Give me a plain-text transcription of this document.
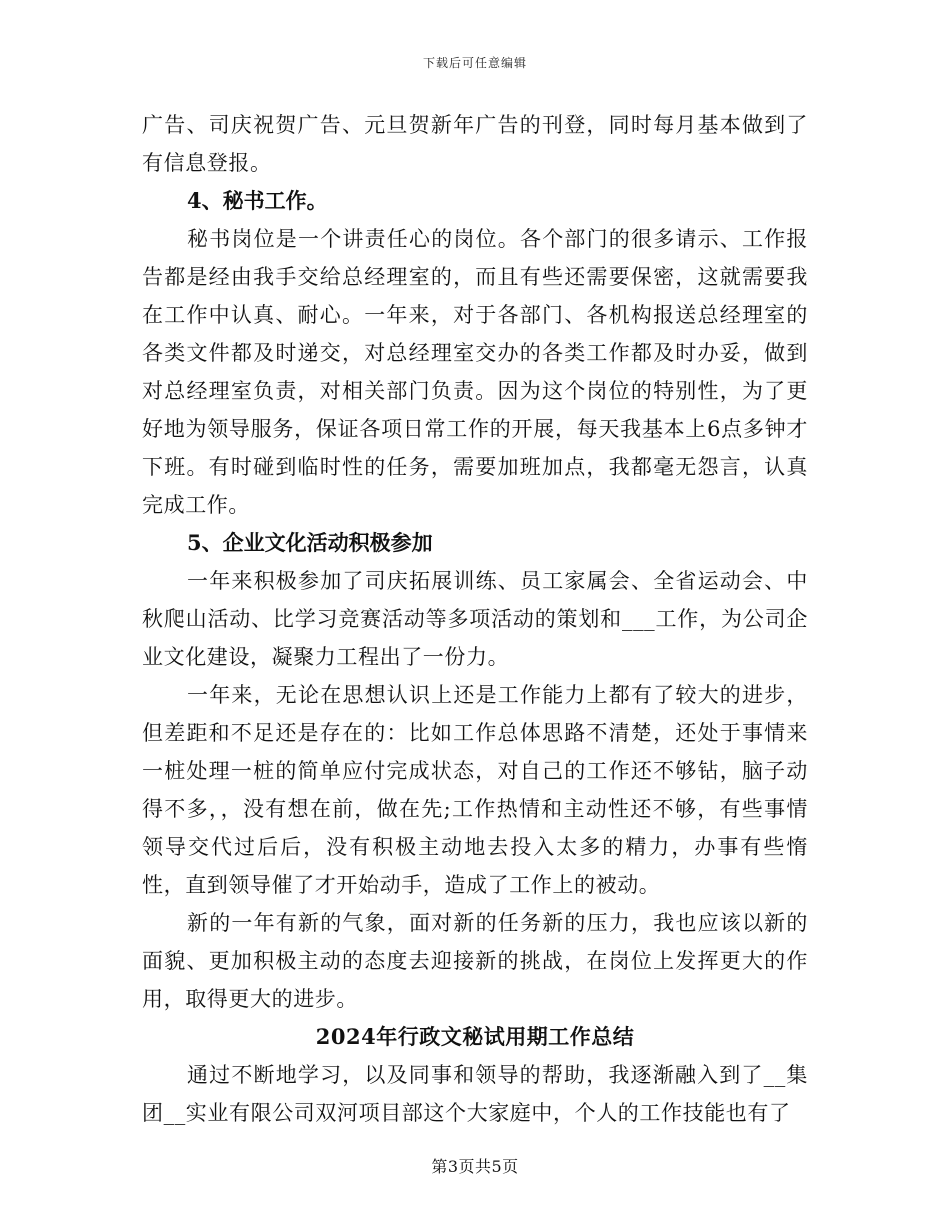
下载后可任意编辑

广告、司庆祝贺广告、元旦贺新年广告的刊登，同时每月基本做到了有信息登报。

4、秘书工作。

秘书岗位是一个讲责任心的岗位。各个部门的很多请示、工作报告都是经由我手交给总经理室的，而且有些还需要保密，这就需要我在工作中认真、耐心。一年来，对于各部门、各机构报送总经理室的各类文件都及时递交，对总经理室交办的各类工作都及时办妥，做到对总经理室负责，对相关部门负责。因为这个岗位的特别性，为了更好地为领导服务，保证各项日常工作的开展，每天我基本上6点多钟才下班。有时碰到临时性的任务，需要加班加点，我都毫无怨言，认真完成工作。

5、企业文化活动积极参加

一年来积极参加了司庆拓展训练、员工家属会、全省运动会、中秋爬山活动、比学习竞赛活动等多项活动的策划和___工作，为公司企业文化建设，凝聚力工程出了一份力。

一年来，无论在思想认识上还是工作能力上都有了较大的进步，但差距和不足还是存在的：比如工作总体思路不清楚，还处于事情来一桩处理一桩的简单应付完成状态，对自己的工作还不够钻，脑子动得不多，，没有想在前，做在先;工作热情和主动性还不够，有些事情领导交代过后后，没有积极主动地去投入太多的精力，办事有些惰性，直到领导催了才开始动手，造成了工作上的被动。

新的一年有新的气象，面对新的任务新的压力，我也应该以新的面貌、更加积极主动的态度去迎接新的挑战，在岗位上发挥更大的作用，取得更大的进步。

2024年行政文秘试用期工作总结

通过不断地学习，以及同事和领导的帮助，我逐渐融入到了__集团__实业有限公司双河项目部这个大家庭中，个人的工作技能也有了

第3页共5页
